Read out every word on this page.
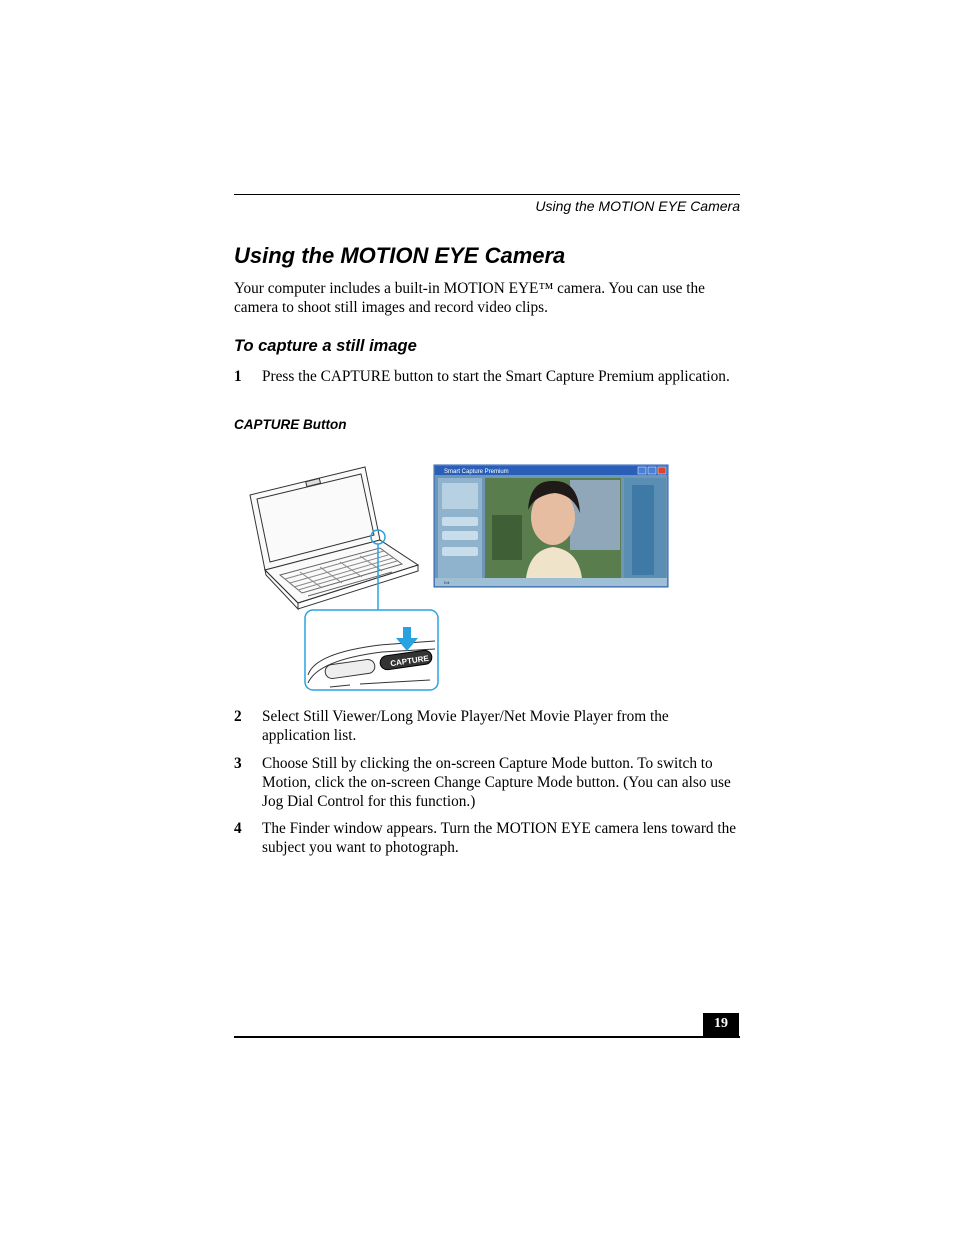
Using the MOTION EYE Camera
Using the MOTION EYE Camera

Your computer includes a built-in MOTION EYE™ camera. You can use the camera to shoot still images and record video clips.

To capture a still image
1 Press the CAPTURE button to start the Smart Capture Premium application.
CAPTURE Button
CAPTURE
Smart Capture Premium
Exit
2 Select Still Viewer/Long Movie Player/Net Movie Player from the application list.
3 Choose Still by clicking the on-screen Capture Mode button. To switch to Motion, click the on-screen Change Capture Mode button. (You can also use Jog Dial Control for this function.)
4 The Finder window appears. Turn the MOTION EYE camera lens toward the subject you want to photograph.
19
